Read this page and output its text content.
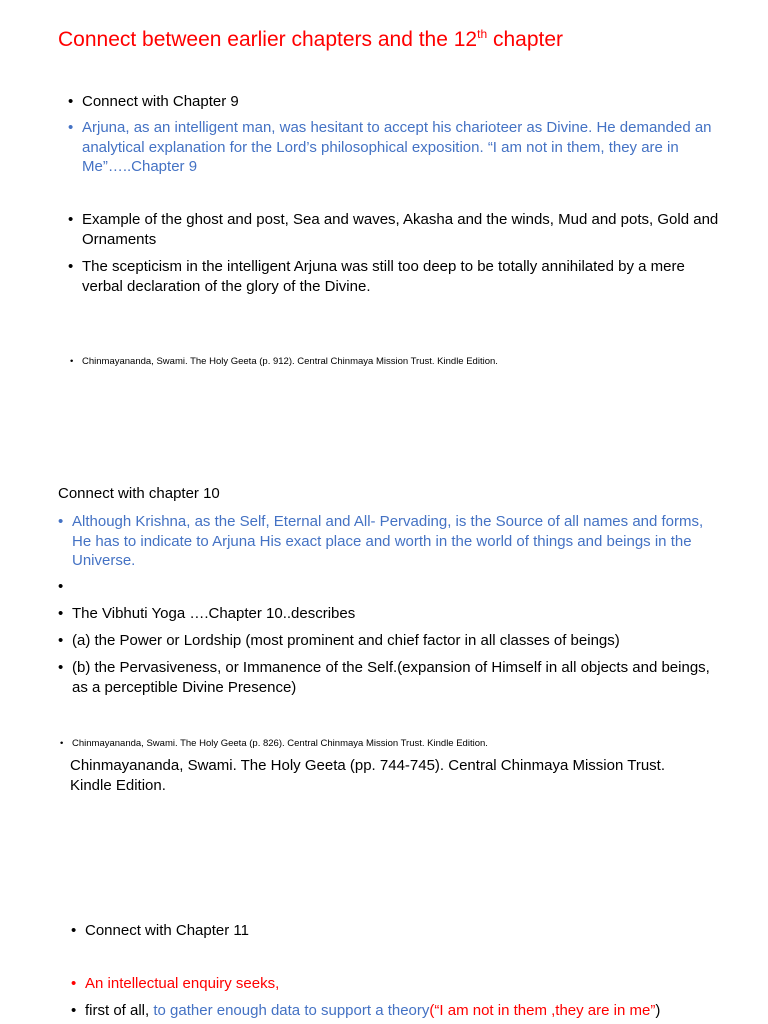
Connect between earlier chapters and the 12th chapter
• Connect with Chapter 9
• Arjuna, as an intelligent man, was hesitant to accept his charioteer as Divine. He demanded an analytical explanation for the Lord’s philosophical exposition. “I am not in them, they are in Me”…..Chapter 9
• Example of the ghost and post, Sea and waves, Akasha and the winds, Mud and pots, Gold and Ornaments
• The scepticism in the intelligent Arjuna was still too deep to be totally annihilated by a mere verbal declaration of the glory of the Divine.
• Chinmayananda, Swami. The Holy Geeta (p. 912). Central Chinmaya Mission Trust. Kindle Edition.
Connect with chapter 10
• Although Krishna, as the Self, Eternal and All- Pervading, is the Source of all names and forms, He has to indicate to Arjuna His exact place and worth in the world of things and beings in the Universe.
•
• The Vibhuti Yoga ….Chapter 10..describes
• (a) the Power or Lordship (most prominent and chief factor in all classes of beings)
• (b) the Pervasiveness, or Immanence of the Self.(expansion of Himself in all objects and beings, as a perceptible Divine Presence)
• Chinmayananda, Swami. The Holy Geeta (p. 826). Central Chinmaya Mission Trust. Kindle Edition.
Chinmayananda, Swami. The Holy Geeta (pp. 744-745). Central Chinmaya Mission Trust. Kindle Edition.
• Connect with Chapter 11
• An intellectual enquiry seeks,
• first of all, to gather enough data to support a theory(“I am not in them ,they are in me”)
